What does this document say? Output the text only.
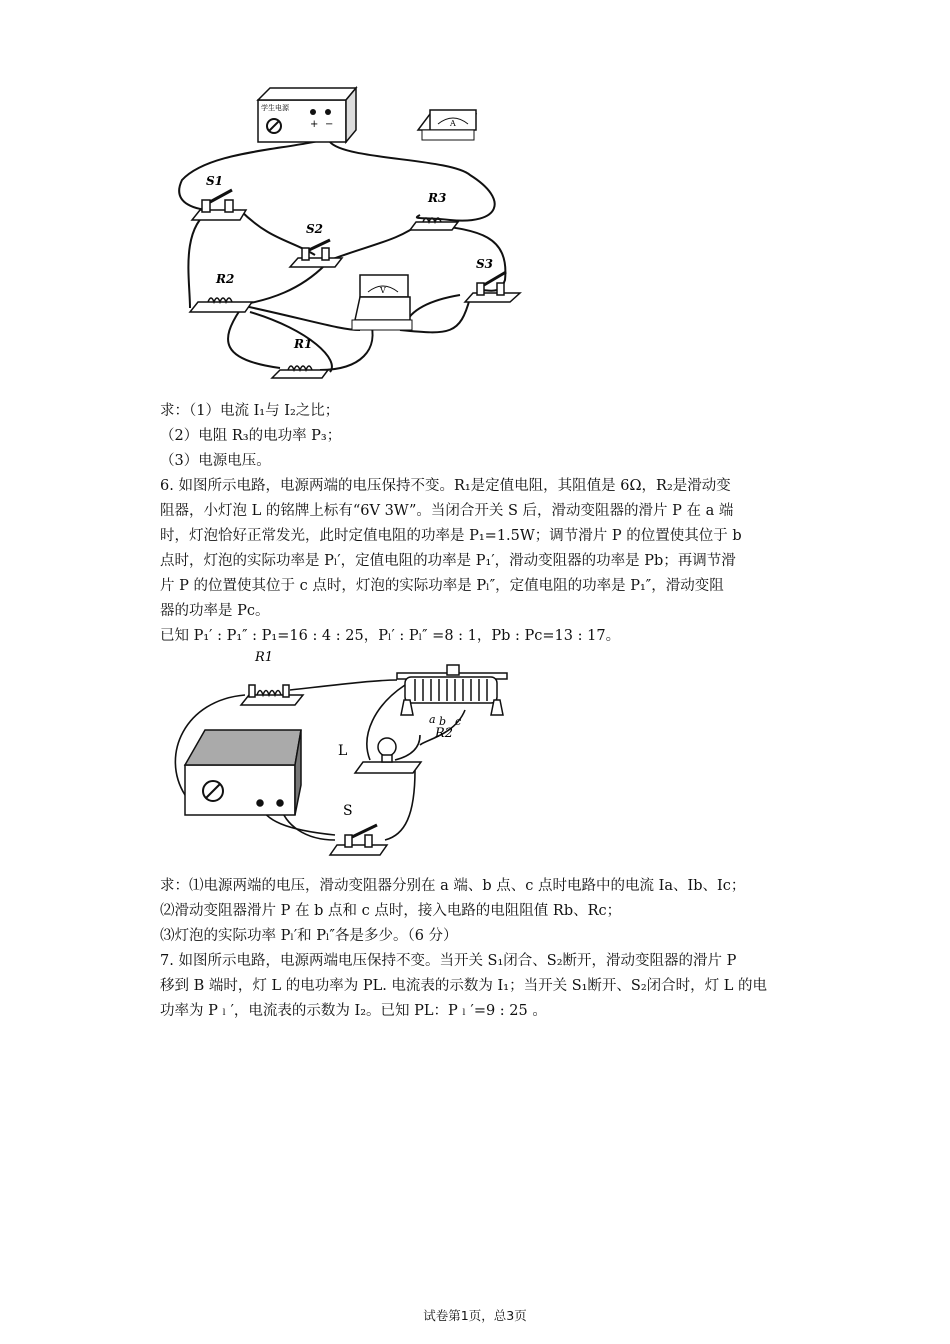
学生电源
+ −	A
V
S1
S2
S3
R2
R3
R1
求：（1）电流 I₁与 I₂之比；
（2）电阻 R₃的电功率 P₃；
（3）电源电压。
6. 如图所示电路，电源两端的电压保持不变。R₁是定值电阻，其阻值是 6Ω，R₂是滑动变
阻器，小灯泡 L 的铭牌上标有“6V 3W”。当闭合开关 S 后，滑动变阻器的滑片 P 在 a 端
时，灯泡恰好正常发光，此时定值电阻的功率是 P₁=1.5W；调节滑片 P 的位置使其位于 b
点时，灯泡的实际功率是 Pₗ′，定值电阻的功率是 P₁′，滑动变阻器的功率是 Pb；再调节滑
片 P 的位置使其位于 c 点时，灯泡的实际功率是 Pₗ″，定值电阻的功率是 P₁″，滑动变阻
器的功率是 Pc。
已知 P₁′ : P₁″ : P₁=16 : 4 : 25，Pₗ′ : Pₗ″ =8 : 1，Pb : Pc=13 : 17。
a b c
R1
R2
L
S
求：⑴电源两端的电压，滑动变阻器分别在 a 端、b 点、c 点时电路中的电流 Ia、Ib、Ic；
⑵滑动变阻器滑片 P 在 b 点和 c 点时，接入电路的电阻阻值 Rb、Rc；
⑶灯泡的实际功率 Pₗ′和 Pₗ″各是多少。（6 分）
7. 如图所示电路，电源两端电压保持不变。当开关 S₁闭合、S₂断开，滑动变阻器的滑片 P
移到 B 端时，灯 L 的电功率为 PL. 电流表的示数为 I₁；当开关 S₁断开、S₂闭合时，灯 L 的电
功率为 P ₗ ′，电流表的示数为 I₂。已知 PL：P ₗ ′=9 : 25 。
试卷第1页，总3页
